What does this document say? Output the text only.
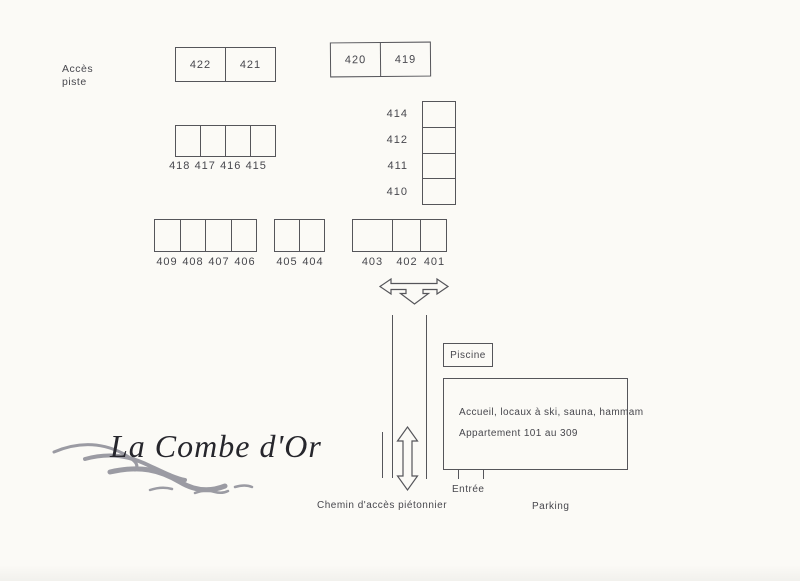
Accès
piste
422	421	420	419
414
412
411
410
418 417 416 415
409 408 407 406 405 404	403	402 401
Piscine
Accueil, locaux à ski, sauna, hammam
Appartement 101 au 309
Entrée
Chemin d'accès piétonnier	Parking
La Combe d'Or
